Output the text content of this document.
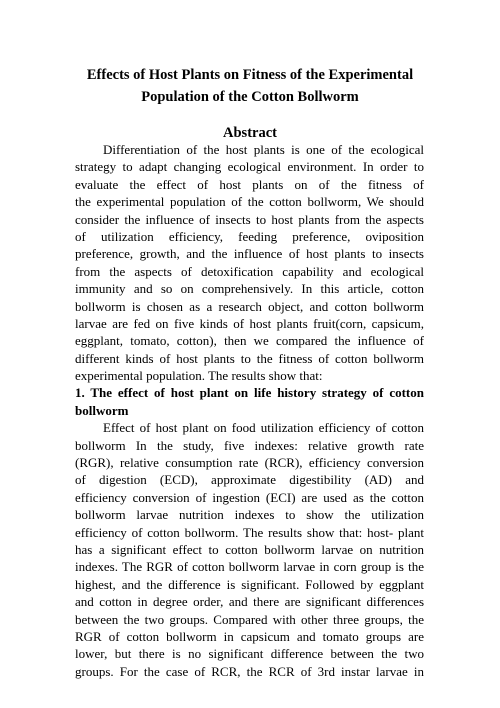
Effects of Host Plants on Fitness of the Experimental
Population of the Cotton Bollworm
Abstract
Differentiation of the host plants is one of the ecological
strategy to adapt changing ecological environment. In order to
evaluate the effect of host plants on of the fitness of
the experimental population of the cotton bollworm, We should
consider the influence of insects to host plants from the aspects
of utilization efficiency, feeding preference, oviposition
preference, growth, and the influence of host plants to insects
from the aspects of detoxification capability and ecological
immunity and so on comprehensively. In this article, cotton
bollworm is chosen as a research object, and cotton bollworm
larvae are fed on five kinds of host plants fruit(corn, capsicum,
eggplant, tomato, cotton), then we compared the influence of
different kinds of host plants to the fitness of cotton bollworm
experimental population. The results show that:
1. The effect of host plant on life history strategy of cotton
bollworm
Effect of host plant on food utilization efficiency of cotton
bollworm In the study, five indexes: relative growth rate
(RGR), relative consumption rate (RCR), efficiency conversion
of digestion (ECD), approximate digestibility (AD) and
efficiency conversion of ingestion (ECI) are used as the cotton
bollworm larvae nutrition indexes to show the utilization
efficiency of cotton bollworm. The results show that: host- plant
has a significant effect to cotton bollworm larvae on nutrition
indexes. The RGR of cotton bollworm larvae in corn group is the
highest, and the difference is significant. Followed by eggplant
and cotton in degree order, and there are significant differences
between the two groups. Compared with other three groups, the
RGR of cotton bollworm in capsicum and tomato groups are
lower, but there is no significant difference between the two
groups. For the case of RCR, the RCR of 3rd instar larvae in
